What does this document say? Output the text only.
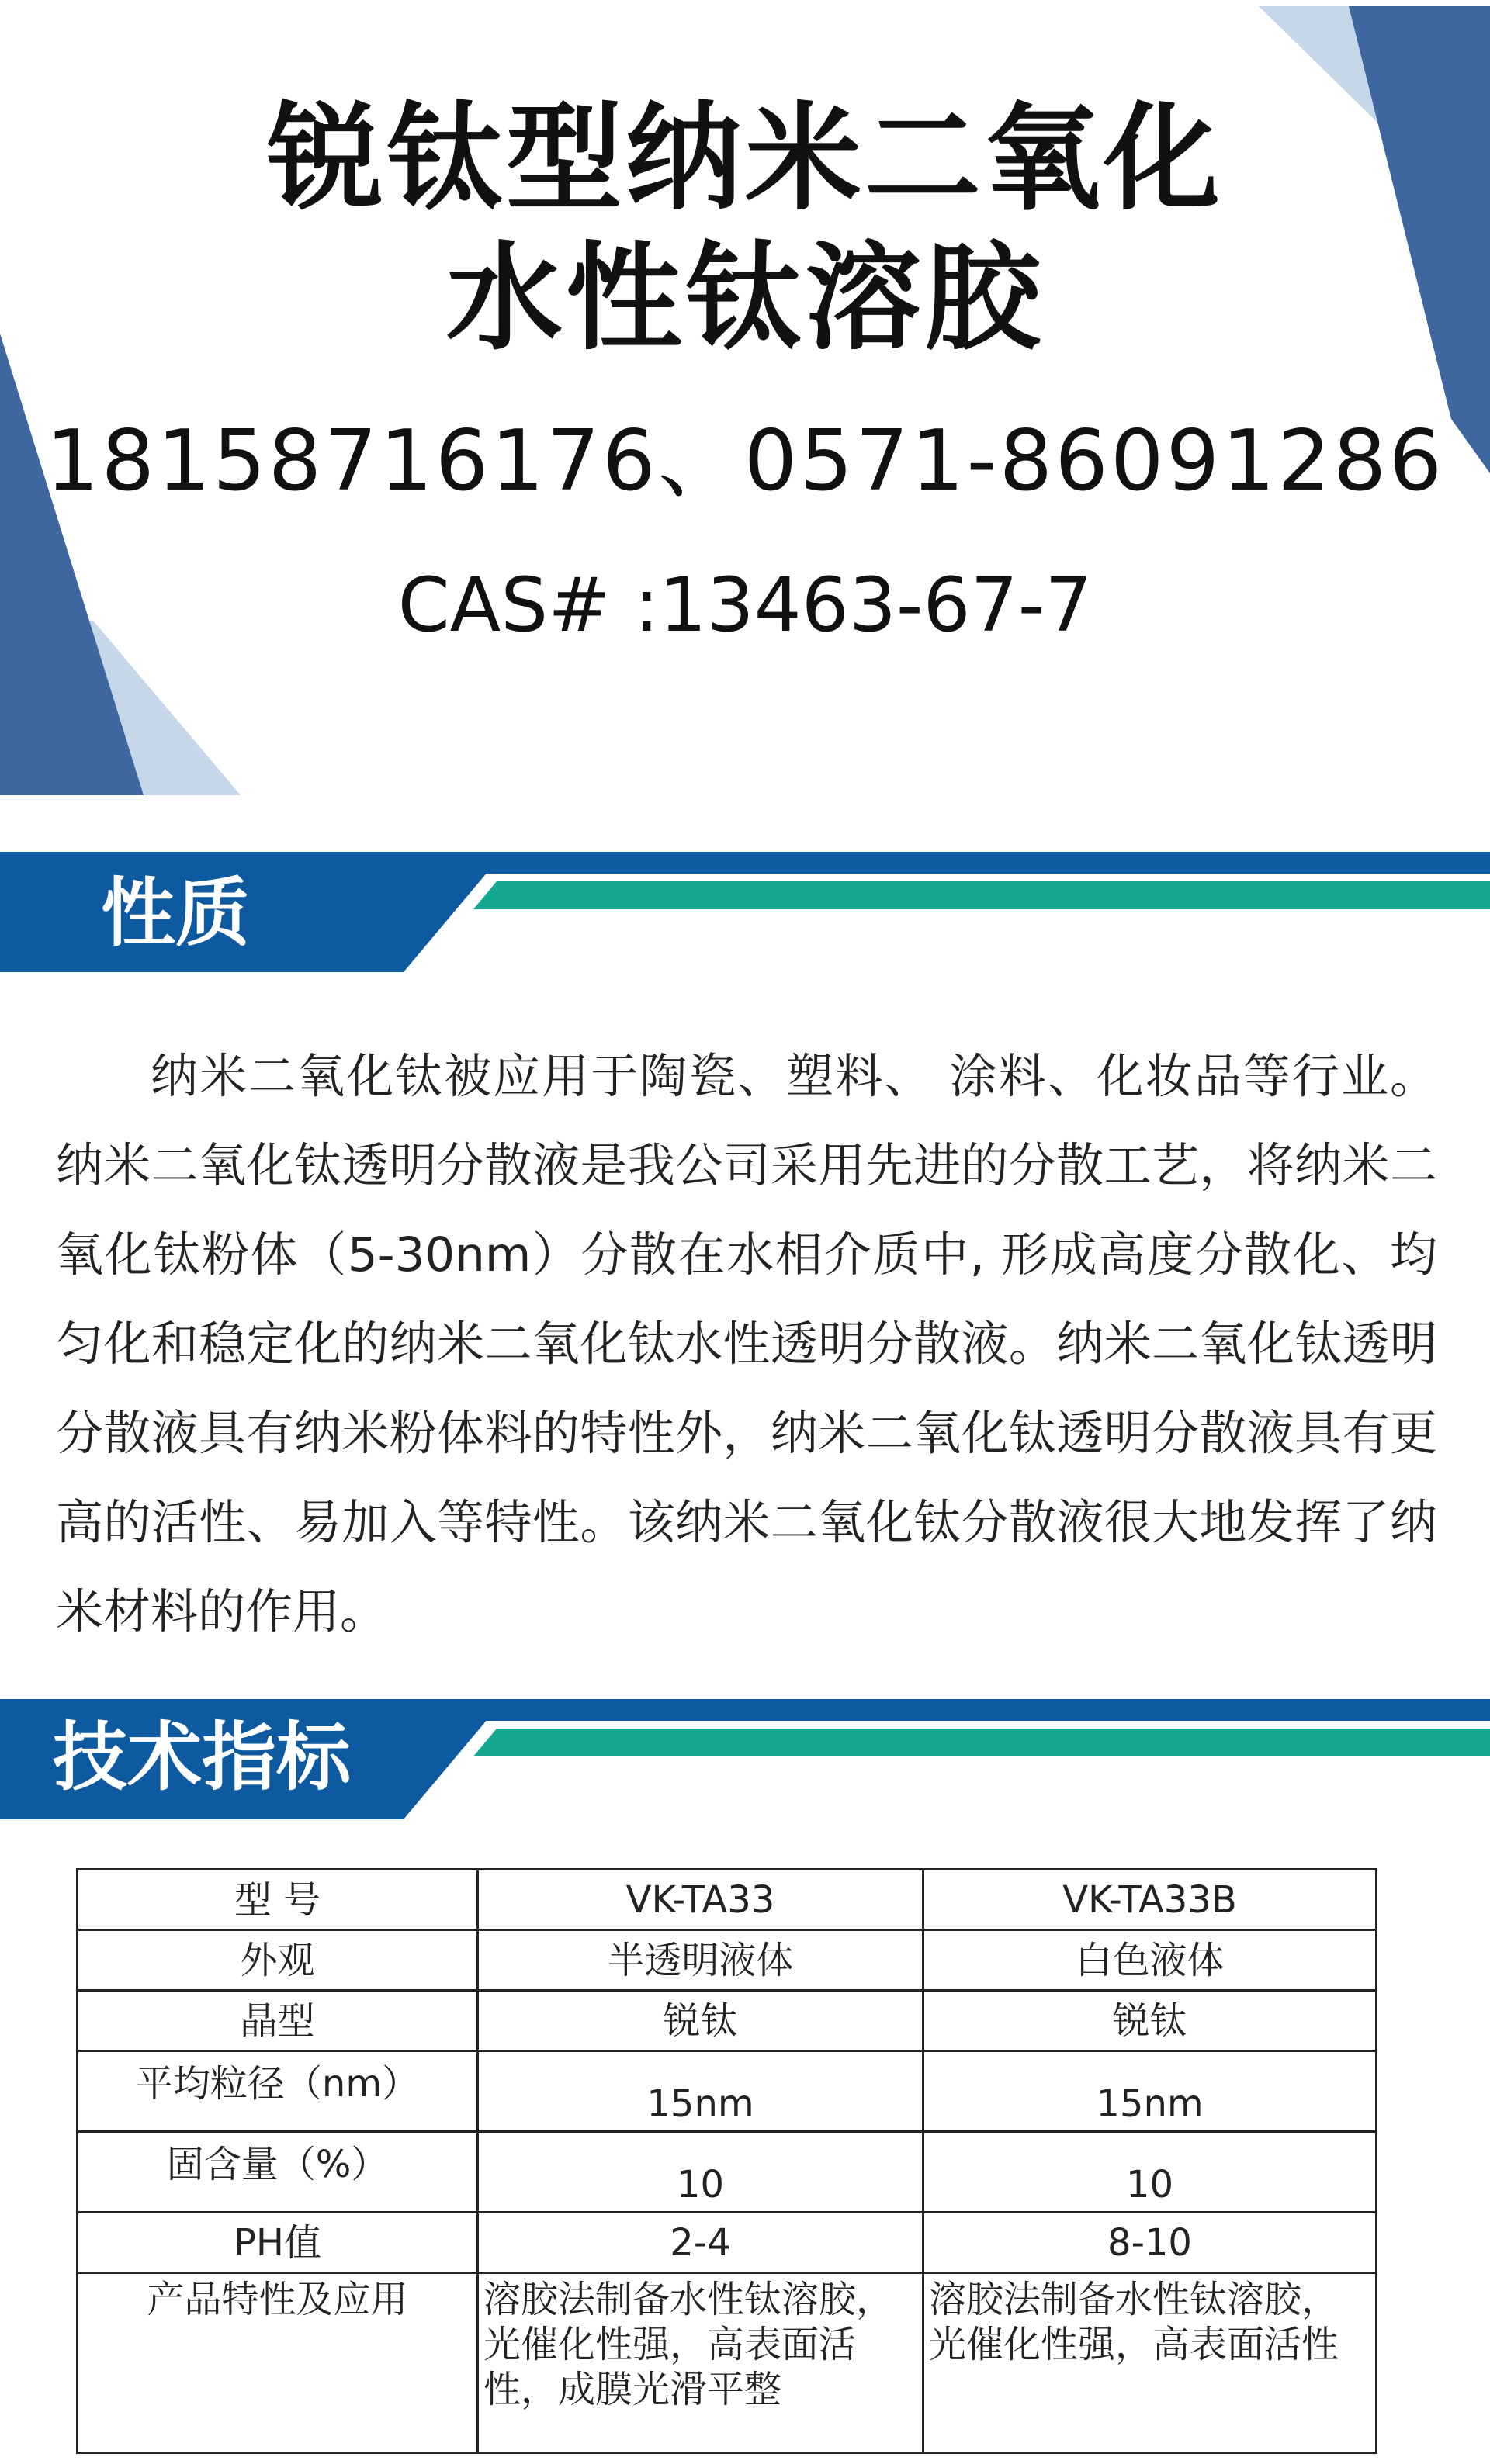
锐钛型纳米二氧化
水性钛溶胶
18158716176、0571-86091286
CAS# :13463-67-7
性质

纳米二氧化钛被应用于陶瓷、塑料、 涂料、化妆品等行业。纳米二氧化钛透明分散液是我公司采用先进的分散工艺，将纳米二氧化钛粉体（5-30nm）分散在水相介质中, 形成高度分散化、均匀化和稳定化的纳米二氧化钛水性透明分散液。纳米二氧化钛透明分散液具有纳米粉体料的特性外，纳米二氧化钛透明分散液具有更高的活性、易加入等特性。该纳米二氧化钛分散液很大地发挥了纳米材料的作用。

技术指标
型 号	VK-TA33	VK-TA33B
外观	半透明液体	白色液体
晶型	锐钛	锐钛

平均粒径（nm）	15nm	15nm

固含量（%）	10	10

PH值	2-4	8-10
产品特性及应用	溶胶法制备水性钛溶胶，光催化性强，高表面活性，成膜光滑平整	溶胶法制备水性钛溶胶，光催化性强，高表面活性
